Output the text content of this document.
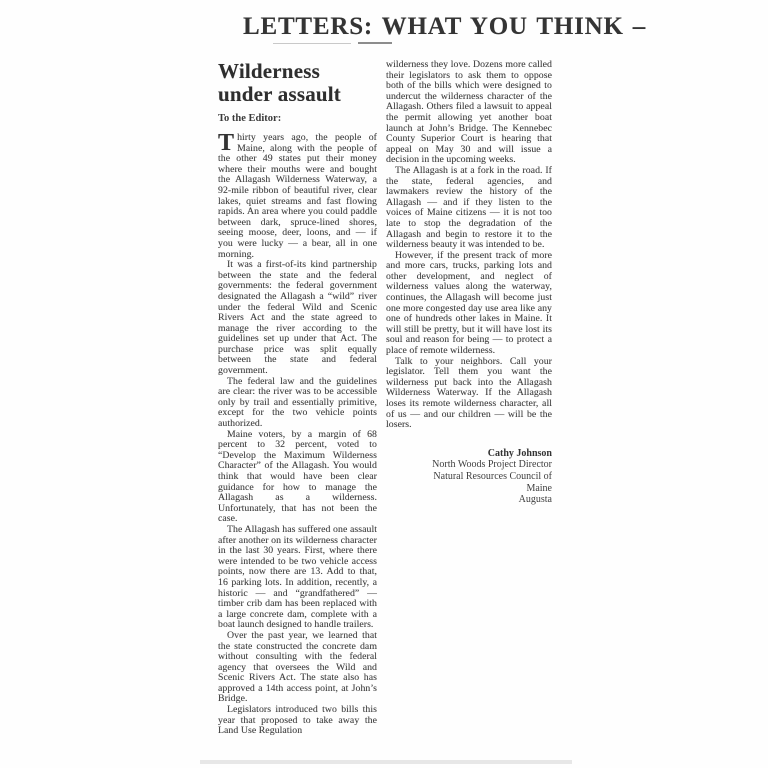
LETTERS: WHAT YOU THINK –
Wilderness under assault
To the Editor:

Thirty years ago, the people of Maine, along with the people of the other 49 states put their money where their mouths were and bought the Allagash Wilderness Waterway, a 92-mile ribbon of beautiful river, clear lakes, quiet streams and fast flowing rapids. An area where you could paddle between dark, spruce-lined shores, seeing moose, deer, loons, and — if you were lucky — a bear, all in one morning.

It was a first-of-its kind partnership between the state and the federal governments: the federal government designated the Allagash a “wild” river under the federal Wild and Scenic Rivers Act and the state agreed to manage the river according to the guidelines set up under that Act. The purchase price was split equally between the state and federal government.

The federal law and the guidelines are clear: the river was to be accessible only by trail and essentially primitive, except for the two vehicle points authorized.

Maine voters, by a margin of 68 percent to 32 percent, voted to “Develop the Maximum Wilderness Character” of the Allagash. You would think that would have been clear guidance for how to manage the Allagash as a wilderness. Unfortunately, that has not been the case.

The Allagash has suffered one assault after another on its wilderness character in the last 30 years. First, where there were intended to be two vehicle access points, now there are 13. Add to that, 16 parking lots. In addition, recently, a historic — and “grandfathered” — timber crib dam has been replaced with a large concrete dam, complete with a boat launch designed to handle trailers.

Over the past year, we learned that the state constructed the concrete dam without consulting with the federal agency that oversees the Wild and Scenic Rivers Act. The state also has approved a 14th access point, at John’s Bridge.

Legislators introduced two bills this year that proposed to take away the Land Use Regulation

wilderness they love. Dozens more called their legislators to ask them to oppose both of the bills which were designed to undercut the wilderness character of the Allagash. Others filed a lawsuit to appeal the permit allowing yet another boat launch at John’s Bridge. The Kennebec County Superior Court is hearing that appeal on May 30 and will issue a decision in the upcoming weeks.

The Allagash is at a fork in the road. If the state, federal agencies, and lawmakers review the history of the Allagash — and if they listen to the voices of Maine citizens — it is not too late to stop the degradation of the Allagash and begin to restore it to the wilderness beauty it was intended to be.

However, if the present track of more and more cars, trucks, parking lots and other development, and neglect of wilderness values along the waterway, continues, the Allagash will become just one more congested day use area like any one of hundreds other lakes in Maine. It will still be pretty, but it will have lost its soul and reason for being — to protect a place of remote wilderness.

Talk to your neighbors. Call your legislator. Tell them you want the wilderness put back into the Allagash Wilderness Waterway. If the Allagash loses its remote wilderness character, all of us — and our children — will be the losers.

Cathy Johnson
North Woods Project Director
Natural Resources Council of
Maine
Augusta
